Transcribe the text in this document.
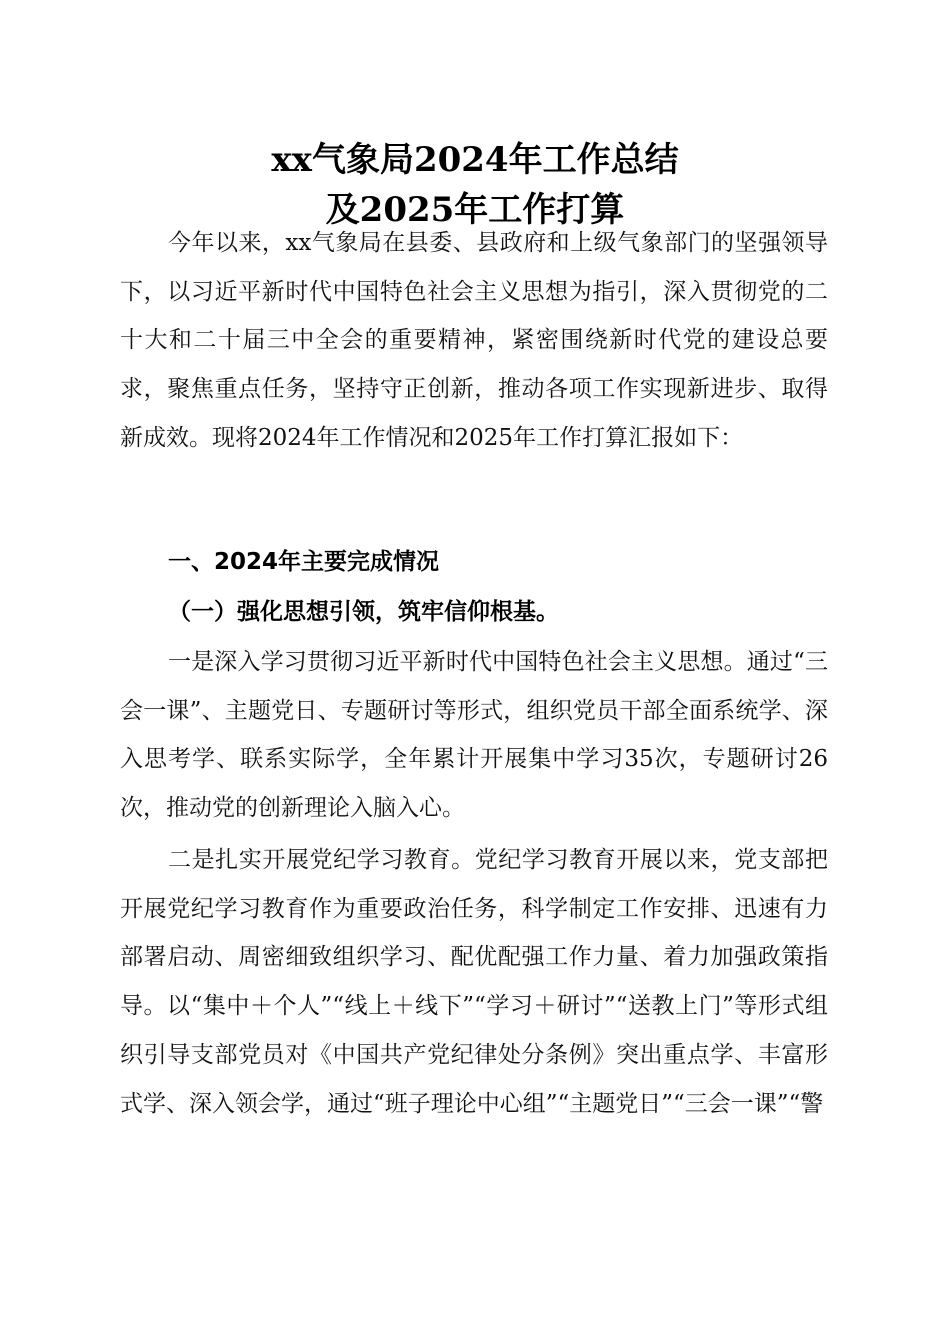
xx气象局2024年工作总结
及2025年工作打算

今年以来，xx气象局在县委、县政府和上级气象部门的坚强领导下，以习近平新时代中国特色社会主义思想为指引，深入贯彻党的二十大和二十届三中全会的重要精神，紧密围绕新时代党的建设总要求，聚焦重点任务，坚持守正创新，推动各项工作实现新进步、取得新成效。现将2024年工作情况和2025年工作打算汇报如下：

一、2024年主要完成情况
（一）强化思想引领，筑牢信仰根基。

一是深入学习贯彻习近平新时代中国特色社会主义思想。通过“三会一课”、主题党日、专题研讨等形式，组织党员干部全面系统学、深入思考学、联系实际学，全年累计开展集中学习35次，专题研讨26次，推动党的创新理论入脑入心。

二是扎实开展党纪学习教育。党纪学习教育开展以来，党支部把开展党纪学习教育作为重要政治任务，科学制定工作安排、迅速有力部署启动、周密细致组织学习、配优配强工作力量、着力加强政策指导。以“集中＋个人”“线上＋线下”“学习＋研讨”“送教上门”等形式组织引导支部党员对《中国共产党纪律处分条例》突出重点学、丰富形式学、深入领会学，通过“班子理论中心组”“主题党日”“三会一课”“警
